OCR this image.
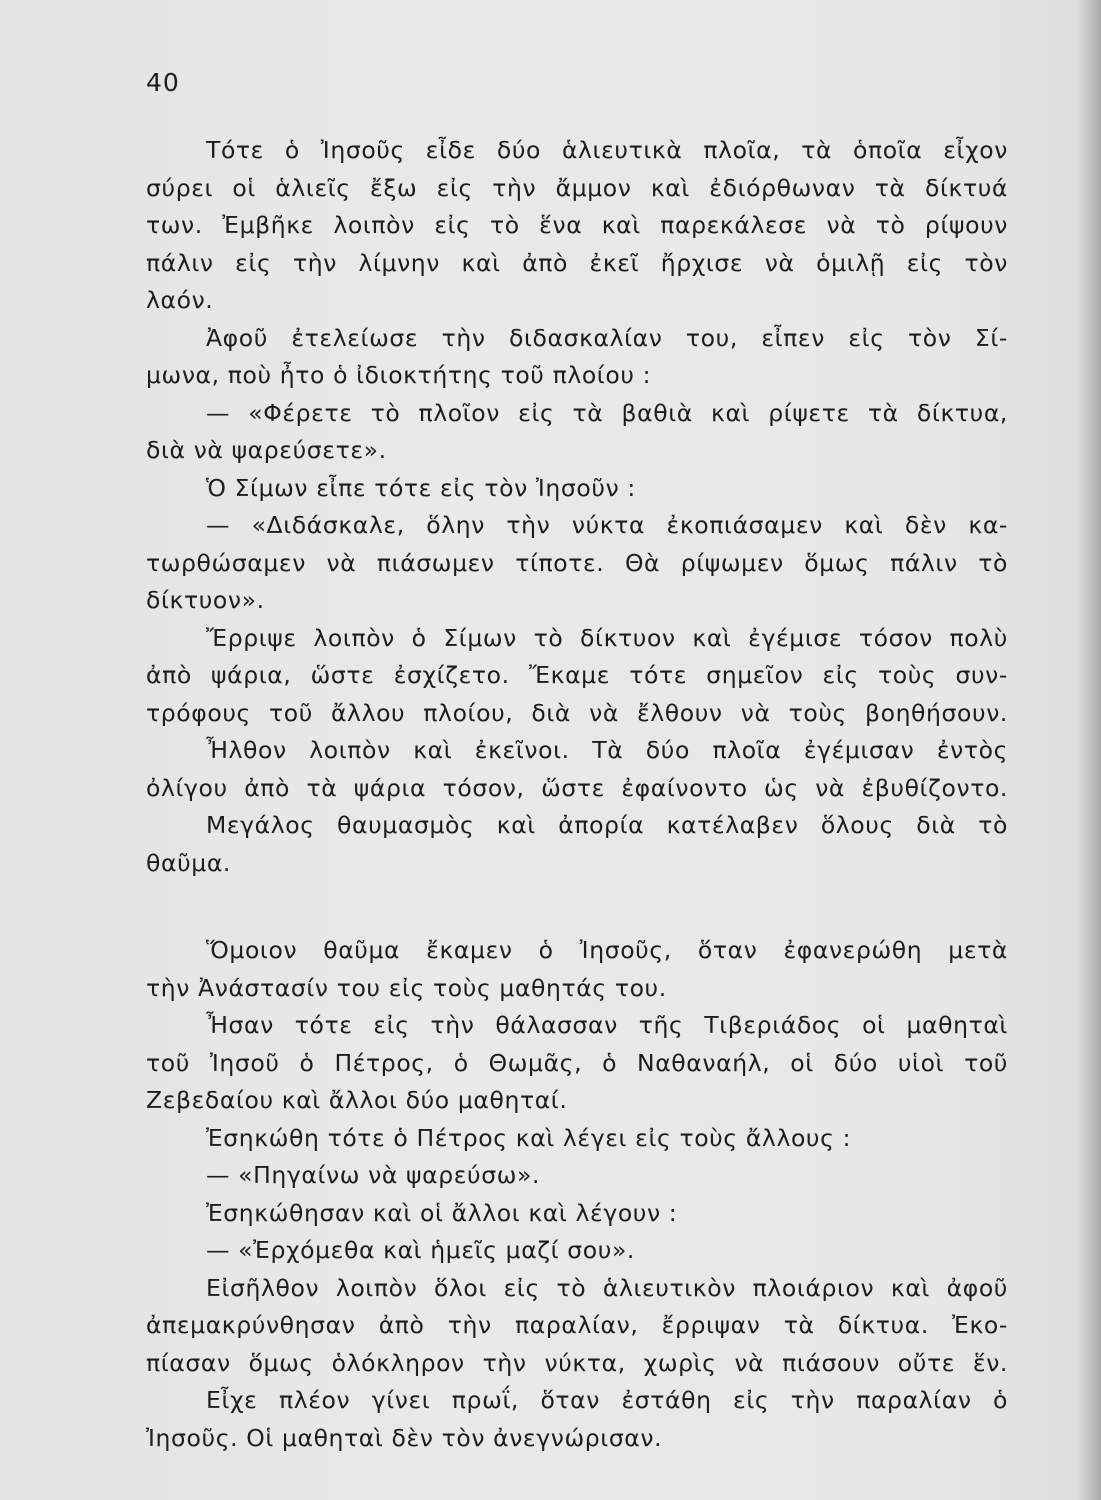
40
Τότε ὁ Ἰησοῦς εἶδε δύο ἁλιευτικὰ πλοῖα, τὰ ὁποῖα εἶχον
σύρει οἱ ἁλιεῖς ἔξω εἰς τὴν ἄμμον καὶ ἐδιόρθωναν τὰ δίκτυά
των. Ἐμβῆκε λοιπὸν εἰς τὸ ἕνα καὶ παρεκάλεσε νὰ τὸ ρίψουν
πάλιν εἰς τὴν λίμνην καὶ ἀπὸ ἐκεῖ ἤρχισε νὰ ὁμιλῇ εἰς τὸν
λαόν.
Ἀφοῦ ἐτελείωσε τὴν διδασκαλίαν του, εἶπεν εἰς τὸν Σί-
μωνα, ποὺ ἦτο ὁ ἰδιοκτήτης τοῦ πλοίου :
— «Φέρετε τὸ πλοῖον εἰς τὰ βαθιὰ καὶ ρίψετε τὰ δίκτυα,
διὰ νὰ ψαρεύσετε».
Ὁ Σίμων εἶπε τότε εἰς τὸν Ἰησοῦν :
— «Διδάσκαλε, ὅλην τὴν νύκτα ἐκοπιάσαμεν καὶ δὲν κα-
τωρθώσαμεν νὰ πιάσωμεν τίποτε. Θὰ ρίψωμεν ὅμως πάλιν τὸ
δίκτυον».
Ἔρριψε λοιπὸν ὁ Σίμων τὸ δίκτυον καὶ ἐγέμισε τόσον πολὺ
ἀπὸ ψάρια, ὥστε ἐσχίζετο. Ἔκαμε τότε σημεῖον εἰς τοὺς συν-
τρόφους τοῦ ἄλλου πλοίου, διὰ νὰ ἔλθουν νὰ τοὺς βοηθήσουν.
Ἦλθον λοιπὸν καὶ ἐκεῖνοι. Τὰ δύο πλοῖα ἐγέμισαν ἐντὸς
ὀλίγου ἀπὸ τὰ ψάρια τόσον, ὥστε ἐφαίνοντο ὡς νὰ ἐβυθίζοντο.
Μεγάλος θαυμασμὸς καὶ ἀπορία κατέλαβεν ὅλους διὰ τὸ
θαῦμα.
Ὅμοιον θαῦμα ἔκαμεν ὁ Ἰησοῦς, ὅταν ἐφανερώθη μετὰ
τὴν Ἀνάστασίν του εἰς τοὺς μαθητάς του.
Ἦσαν τότε εἰς τὴν θάλασσαν τῆς Τιβεριάδος οἱ μαθηταὶ
τοῦ Ἰησοῦ ὁ Πέτρος, ὁ Θωμᾶς, ὁ Ναθαναήλ, οἱ δύο υἱοὶ τοῦ
Ζεβεδαίου καὶ ἄλλοι δύο μαθηταί.
Ἐσηκώθη τότε ὁ Πέτρος καὶ λέγει εἰς τοὺς ἄλλους :
— «Πηγαίνω νὰ ψαρεύσω».
Ἐσηκώθησαν καὶ οἱ ἄλλοι καὶ λέγουν :
— «Ἐρχόμεθα καὶ ἡμεῖς μαζί σου».
Εἰσῆλθον λοιπὸν ὅλοι εἰς τὸ ἁλιευτικὸν πλοιάριον καὶ ἀφοῦ
ἀπεμακρύνθησαν ἀπὸ τὴν παραλίαν, ἔρριψαν τὰ δίκτυα. Ἐκο-
πίασαν ὅμως ὁλόκληρον τὴν νύκτα, χωρὶς νὰ πιάσουν οὔτε ἕν.
Εἶχε πλέον γίνει πρωΐ, ὅταν ἐστάθη εἰς τὴν παραλίαν ὁ
Ἰησοῦς. Οἱ μαθηταὶ δὲν τὸν ἀνεγνώρισαν.
